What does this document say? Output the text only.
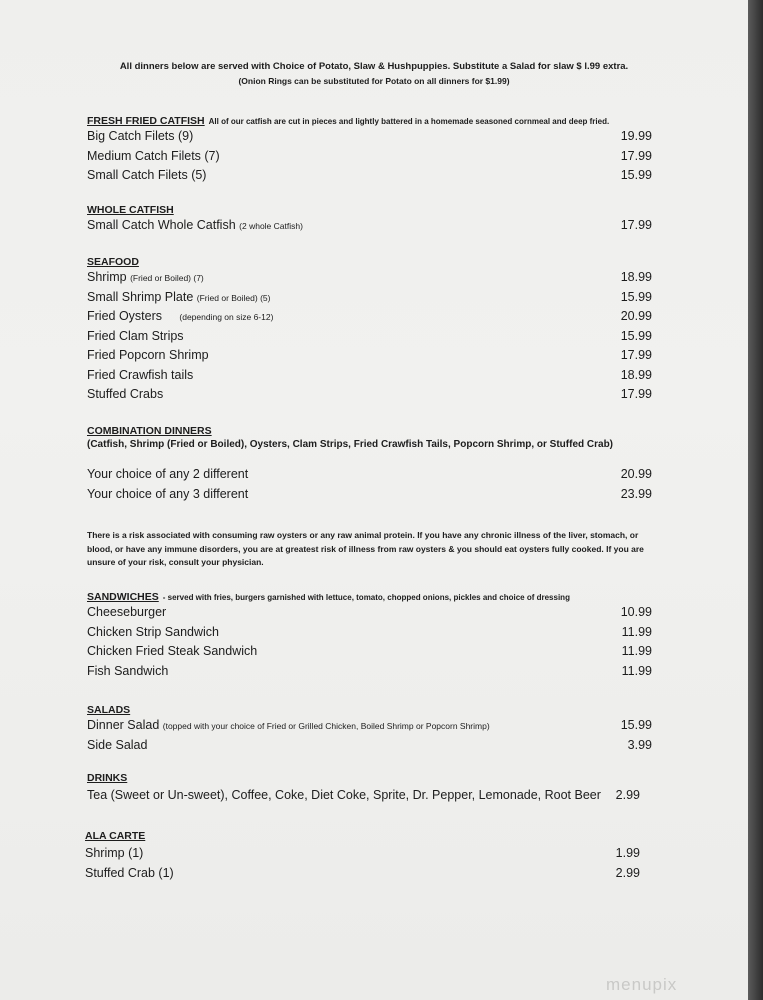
All dinners below are served with Choice of Potato, Slaw & Hushpuppies. Substitute a Salad for slaw $ l.99 extra.
(Onion Rings can be substituted for Potato on all dinners for $1.99)
FRESH FRIED CATFISH All of our catfish are cut in pieces and lightly battered in a homemade seasoned cornmeal and deep fried.
Big Catch Filets (9)	19.99
Medium Catch Filets (7)	17.99
Small Catch Filets (5)	15.99
WHOLE CATFISH
Small Catch Whole Catfish (2 whole Catfish)	17.99
SEAFOOD
Shrimp (Fried or Boiled) (7)	18.99
Small Shrimp Plate (Fried or Boiled) (5)	15.99
Fried Oysters (depending on size 6-12)	20.99
Fried Clam Strips	15.99
Fried Popcorn Shrimp	17.99
Fried Crawfish tails	18.99
Stuffed Crabs	17.99
COMBINATION DINNERS
(Catfish, Shrimp (Fried or Boiled), Oysters, Clam Strips, Fried Crawfish Tails, Popcorn Shrimp, or Stuffed Crab)
Your choice of any 2 different	20.99
Your choice of any 3 different	23.99
There is a risk associated with consuming raw oysters or any raw animal protein. If you have any chronic illness of the liver, stomach, or blood, or have any immune disorders, you are at greatest risk of illness from raw oysters & you should eat oysters fully cooked. If you are unsure of your risk, consult your physician.
SANDWICHES - served with fries, burgers garnished with lettuce, tomato, chopped onions, pickles and choice of dressing
Cheeseburger	10.99
Chicken Strip Sandwich	11.99
Chicken Fried Steak Sandwich	11.99
Fish Sandwich	11.99
SALADS
Dinner Salad (topped with your choice of Fried or Grilled Chicken, Boiled Shrimp or Popcorn Shrimp)	15.99
Side Salad	3.99
DRINKS
Tea (Sweet or Un-sweet), Coffee, Coke, Diet Coke, Sprite, Dr. Pepper, Lemonade, Root Beer 2.99
ALA CARTE
Shrimp (1)	1.99
Stuffed Crab (1)	2.99
menupix
